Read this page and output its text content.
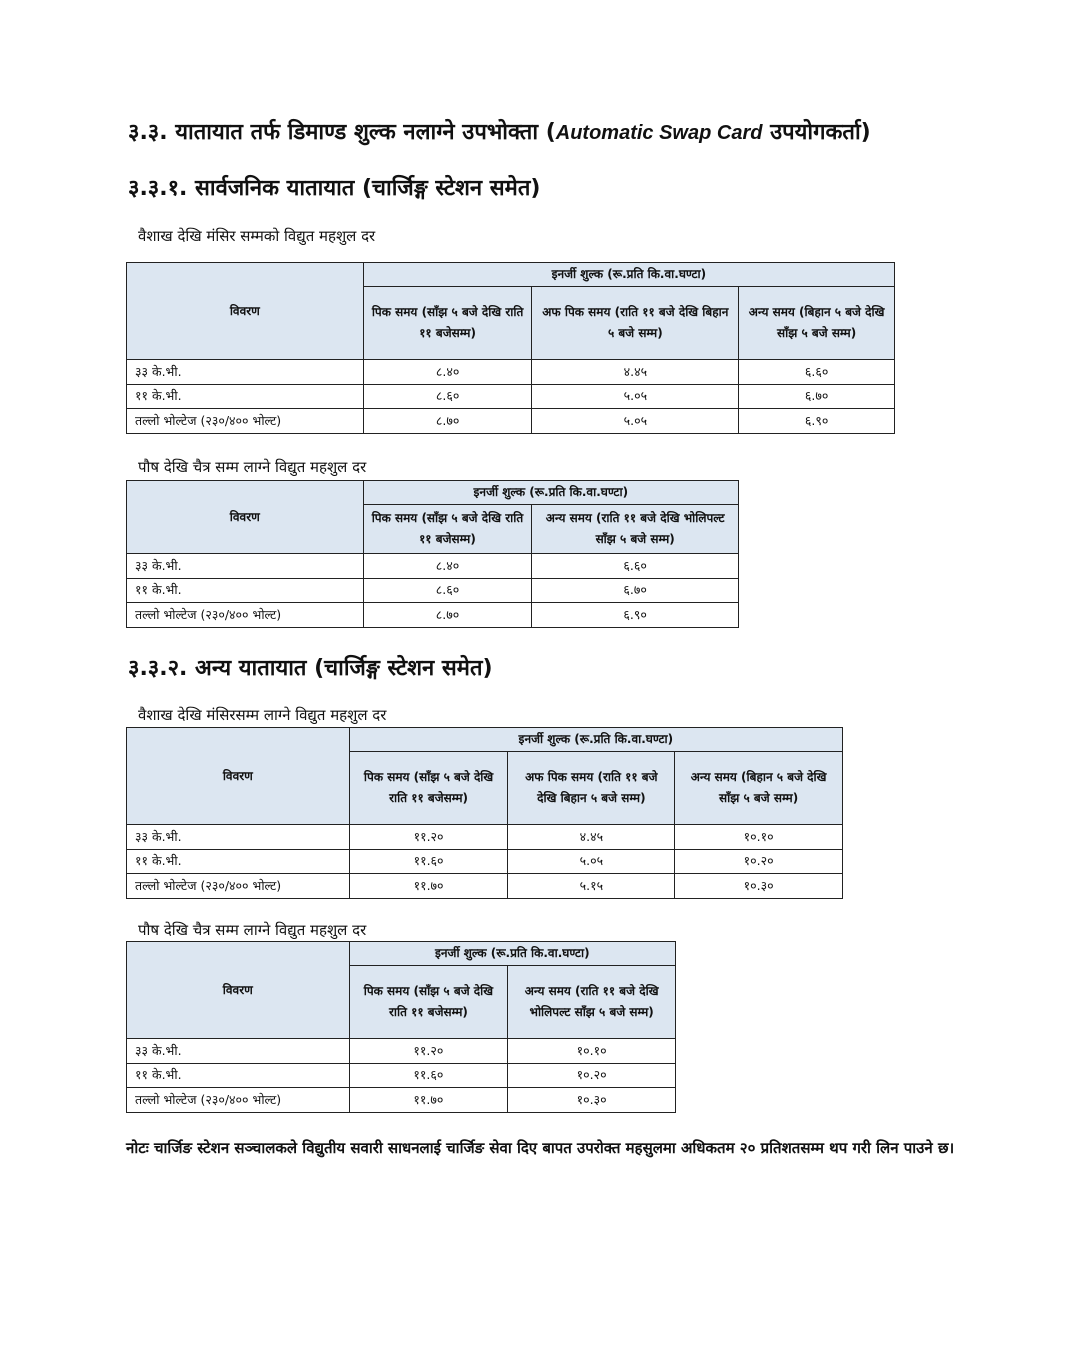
३.३. यातायात तर्फ डिमाण्ड शुल्क नलाग्ने उपभोक्ता (Automatic Swap Card उपयोगकर्ता)
३.३.१. सार्वजनिक यातायात (चार्जिङ्ग स्टेशन समेत)
वैशाख देखि मंसिर सम्मको विद्युत महशुल दर
विवरण	इनर्जी शुल्क (रू.प्रति कि.वा.घण्टा)		
	पिक समय (साँझ ५ बजे देखि राति ११ बजेसम्म)	अफ पिक समय (राति ११ बजे देखि बिहान ५ बजे सम्म)	अन्य समय (बिहान ५ बजे देखि साँझ ५ बजे सम्म)
३३ के.भी.	८.४०	४.४५	६.६०
११ के.भी.	८.६०	५.०५	६.७०
तल्लो भोल्टेज (२३०/४०० भोल्ट)	८.७०	५.०५	६.९०
पौष देखि चैत्र सम्म लाग्ने विद्युत महशुल दर
विवरण	इनर्जी शुल्क (रू.प्रति कि.वा.घण्टा)	
	पिक समय (साँझ ५ बजे देखि राति ११ बजेसम्म)	अन्य समय (राति ११ बजे देखि भोलिपल्ट साँझ ५ बजे सम्म)
३३ के.भी.	८.४०	६.६०
११ के.भी.	८.६०	६.७०
तल्लो भोल्टेज (२३०/४०० भोल्ट)	८.७०	६.९०
३.३.२. अन्य यातायात (चार्जिङ्ग स्टेशन समेत)
वैशाख देखि मंसिरसम्म लाग्ने विद्युत महशुल दर
विवरण	इनर्जी शुल्क (रू.प्रति कि.वा.घण्टा)		
	पिक समय (साँझ ५ बजे देखि राति ११ बजेसम्म)	अफ पिक समय (राति ११ बजे देखि बिहान ५ बजे सम्म)	अन्य समय (बिहान ५ बजे देखि साँझ ५ बजे सम्म)
३३ के.भी.	११.२०	४.४५	१०.१०
११ के.भी.	११.६०	५.०५	१०.२०
तल्लो भोल्टेज (२३०/४०० भोल्ट)	११.७०	५.१५	१०.३०
पौष देखि चैत्र सम्म लाग्ने विद्युत महशुल दर
विवरण	इनर्जी शुल्क (रू.प्रति कि.वा.घण्टा)	
	पिक समय (साँझ ५ बजे देखि राति ११ बजेसम्म)	अन्य समय (राति ११ बजे देखि भोलिपल्ट साँझ ५ बजे सम्म)
३३ के.भी.	११.२०	१०.१०
११ के.भी.	११.६०	१०.२०
तल्लो भोल्टेज (२३०/४०० भोल्ट)	११.७०	१०.३०
नोटः चार्जिङ स्टेशन सञ्चालकले विद्युतीय सवारी साधनलाई चार्जिङ सेवा दिए बापत उपरोक्त महसुलमा अधिकतम २० प्रतिशतसम्म थप गरी लिन पाउने छ।
